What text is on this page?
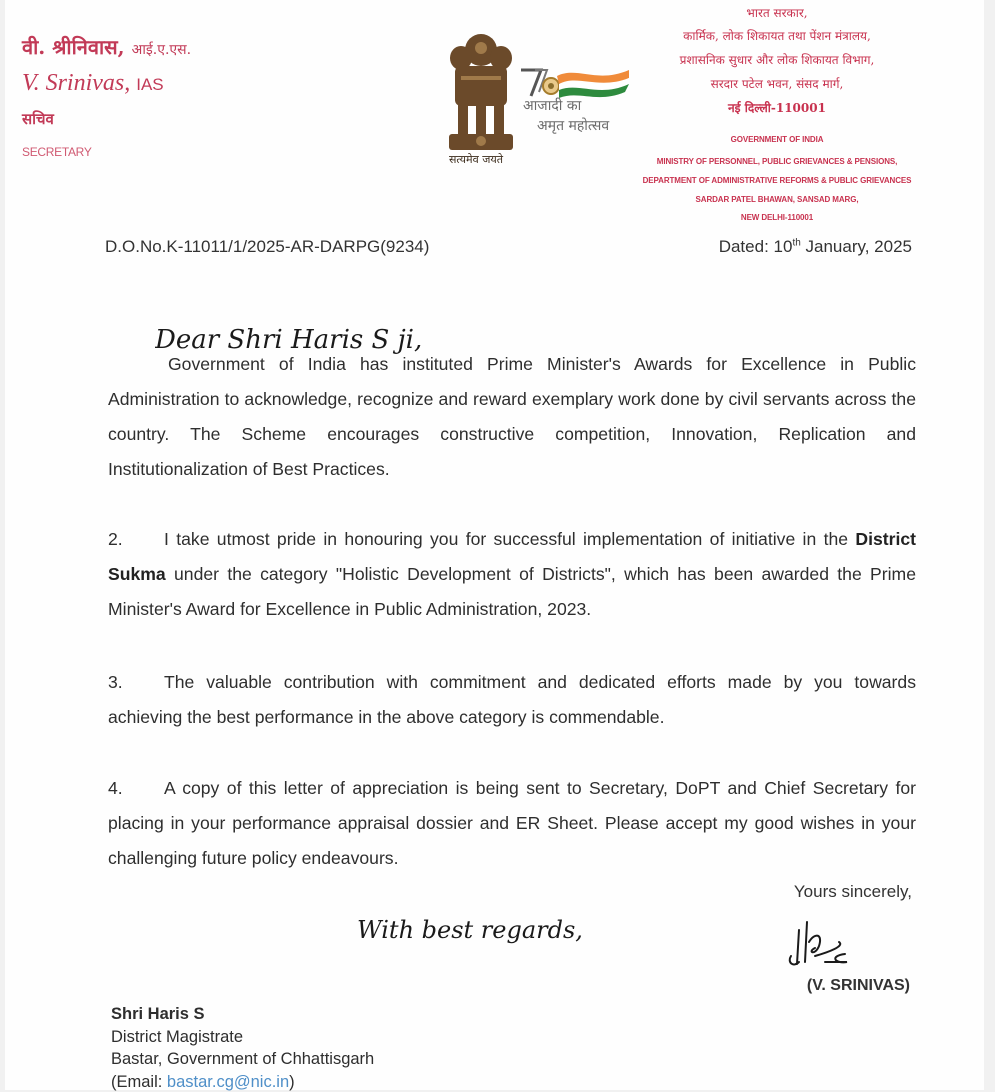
वी. श्रीनिवास, आई.ए.एस.
V. Srinivas, IAS
सचिव
SECRETARY
सत्यमेव जयते
आजादी का
अमृत महोत्सव
भारत सरकार,
कार्मिक, लोक शिकायत तथा पेंशन मंत्रालय,
प्रशासनिक सुधार और लोक शिकायत विभाग,
सरदार पटेल भवन, संसद मार्ग,
नई दिल्ली-110001
GOVERNMENT OF INDIA
MINISTRY OF PERSONNEL, PUBLIC GRIEVANCES & PENSIONS,
DEPARTMENT OF ADMINISTRATIVE REFORMS & PUBLIC GRIEVANCES
SARDAR PATEL BHAWAN, SANSAD MARG,
NEW DELHI-110001
D.O.No.K-11011/1/2025-AR-DARPG(9234)	Dated: 10th January, 2025
Dear Shri Haris S ji,
Government of India has instituted Prime Minister's Awards for Excellence in Public Administration to acknowledge, recognize and reward exemplary work done by civil servants across the country. The Scheme encourages constructive competition, Innovation, Replication and Institutionalization of Best Practices.
2. I take utmost pride in honouring you for successful implementation of initiative in the District Sukma under the category "Holistic Development of Districts", which has been awarded the Prime Minister's Award for Excellence in Public Administration, 2023.
3. The valuable contribution with commitment and dedicated efforts made by you towards achieving the best performance in the above category is commendable.
4. A copy of this letter of appreciation is being sent to Secretary, DoPT and Chief Secretary for placing in your performance appraisal dossier and ER Sheet. Please accept my good wishes in your challenging future policy endeavours.
Yours sincerely,
With best regards,
(V. SRINIVAS)
Shri Haris S
District Magistrate
Bastar, Government of Chhattisgarh
(Email: bastar.cg@nic.in)
